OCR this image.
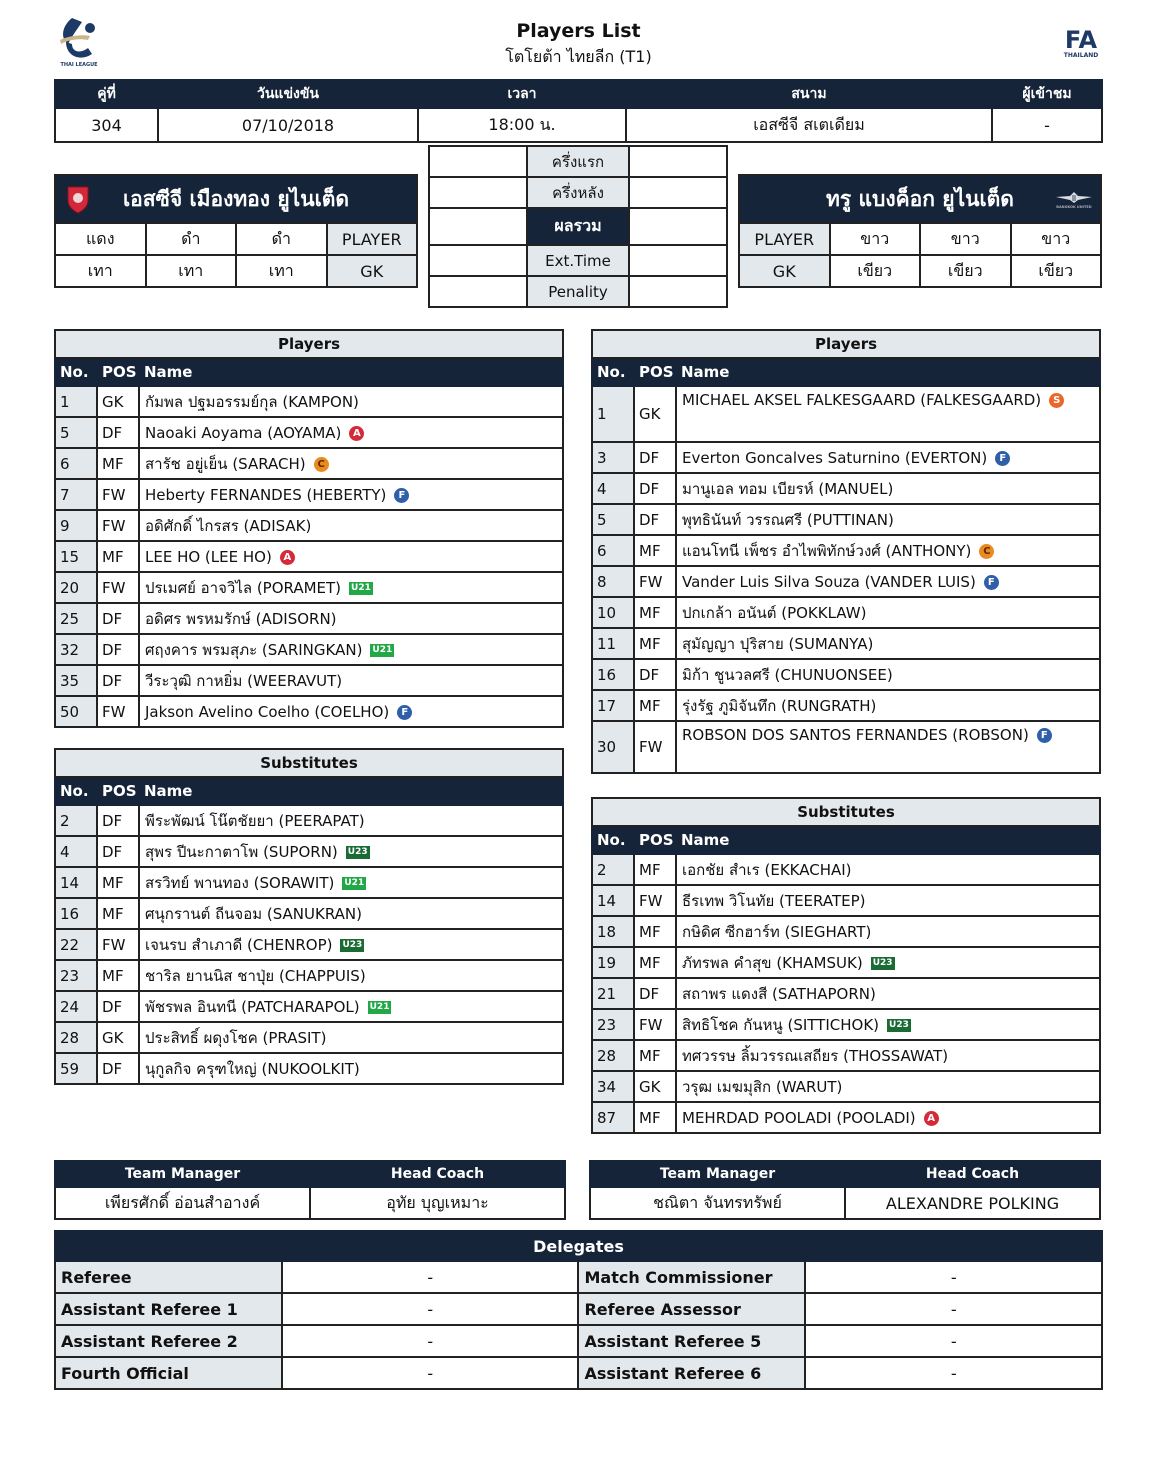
THAI LEAGUE
Players List
โตโยต้า ไทยลีก (T1)
FA
THAILAND
คู่ที่	วันแข่งขัน	เวลา	สนาม	ผู้เข้าชม
304	07/10/2018	18:00 น.	เอสซีจี สเตเดียม	-
เอสซีจี เมืองทอง ยูไนเต็ด			
แดง	ดำ	ดำ	PLAYER
เทา	เทา	เทา	GK
	ครึ่งแรก	
	ครึ่งหลัง	
	ผลรวม	
	Ext.Time	
	Penality	
ทรู แบงค็อก ยูไนเต็ด BANGKOK UNITED			

PLAYER	ขาว	ขาว	ขาว
GK	เขียว	เขียว	เขียว
Players		
No.	POS	Name
1	GK	กัมพล ปฐมอรรมย์กุล (KAMPON)
5	DF	Naoaki Aoyama (AOYAMA) A
6	MF	สารัช อยู่เย็น (SARACH) C
7	FW	Heberty FERNANDES (HEBERTY) F
9	FW	อดิศักดิ์ ไกรสร (ADISAK)
15	MF	LEE HO (LEE HO) A
20	FW	ปรเมศย์ อาจวิไล (PORAMET) U21
25	DF	อดิศร พรหมรักษ์ (ADISORN)
32	DF	ศฤงคาร พรมสุภะ (SARINGKAN) U21
35	DF	วีระวุฒิ กาหยิ่ม (WEERAVUT)
50	FW	Jakson Avelino Coelho (COELHO) F
Substitutes		
No.	POS	Name
2	DF	พีระพัฒน์ โน๊ตชัยยา (PEERAPAT)
4	DF	สุพร ปีนะกาตาโพ (SUPORN) U23
14	MF	สรวิทย์ พานทอง (SORAWIT) U21
16	MF	ศนุกรานต์ ถีนจอม (SANUKRAN)
22	FW	เจนรบ สำเภาดี (CHENROP) U23
23	MF	ชาริล ยานนิส ชาปุ่ย (CHAPPUIS)
24	DF	พัชรพล อินทนี (PATCHARAPOL) U21
28	GK	ประสิทธิ์ ผดุงโชค (PRASIT)
59	DF	นุกูลกิจ ครุฑใหญ่ (NUKOOLKIT)
Players		
No.	POS	Name
1	GK	MICHAEL AKSEL FALKESGAARD (FALKESGAARD) S
3	DF	Everton Goncalves Saturnino (EVERTON) F
4	DF	มานูเอล ทอม เบียรห์ (MANUEL)
5	DF	พุทธินันท์ วรรณศรี (PUTTINAN)
6	MF	แอนโทนี เพ็ชร อำไพพิทักษ์วงศ์ (ANTHONY) C
8	FW	Vander Luis Silva Souza (VANDER LUIS) F
10	MF	ปกเกล้า อนันต์ (POKKLAW)
11	MF	สุมัญญา ปุริสาย (SUMANYA)
16	DF	มิก้า ชูนวลศรี (CHUNUONSEE)
17	MF	รุ่งรัฐ ภูมิจันทึก (RUNGRATH)
30	FW	ROBSON DOS SANTOS FERNANDES (ROBSON) F
Substitutes		
No.	POS	Name
2	MF	เอกชัย สำเร (EKKACHAI)
14	FW	ธีรเทพ วิโนทัย (TEERATEP)
18	MF	กษิดิศ ซีกฮาร์ท (SIEGHART)
19	MF	ภัทรพล คำสุข (KHAMSUK) U23
21	DF	สถาพร แดงสี (SATHAPORN)
23	FW	สิทธิโชค กันหนู (SITTICHOK) U23
28	MF	ทศวรรษ ลิ้มวรรณเสถียร (THOSSAWAT)
34	GK	วรุฒ เมฆมุสิก (WARUT)
87	MF	MEHRDAD POOLADI (POOLADI) A
Team Manager	Head Coach
เพียรศักดิ์ อ่อนสำอางค์	อุทัย บุญเหมาะ
Team Manager	Head Coach
ชณิตา จันทรทรัพย์	ALEXANDRE POLKING
Delegates			
Referee	-	Match Commissioner	-
Assistant Referee 1	-	Referee Assessor	-
Assistant Referee 2	-	Assistant Referee 5	-
Fourth Official	-	Assistant Referee 6	-
